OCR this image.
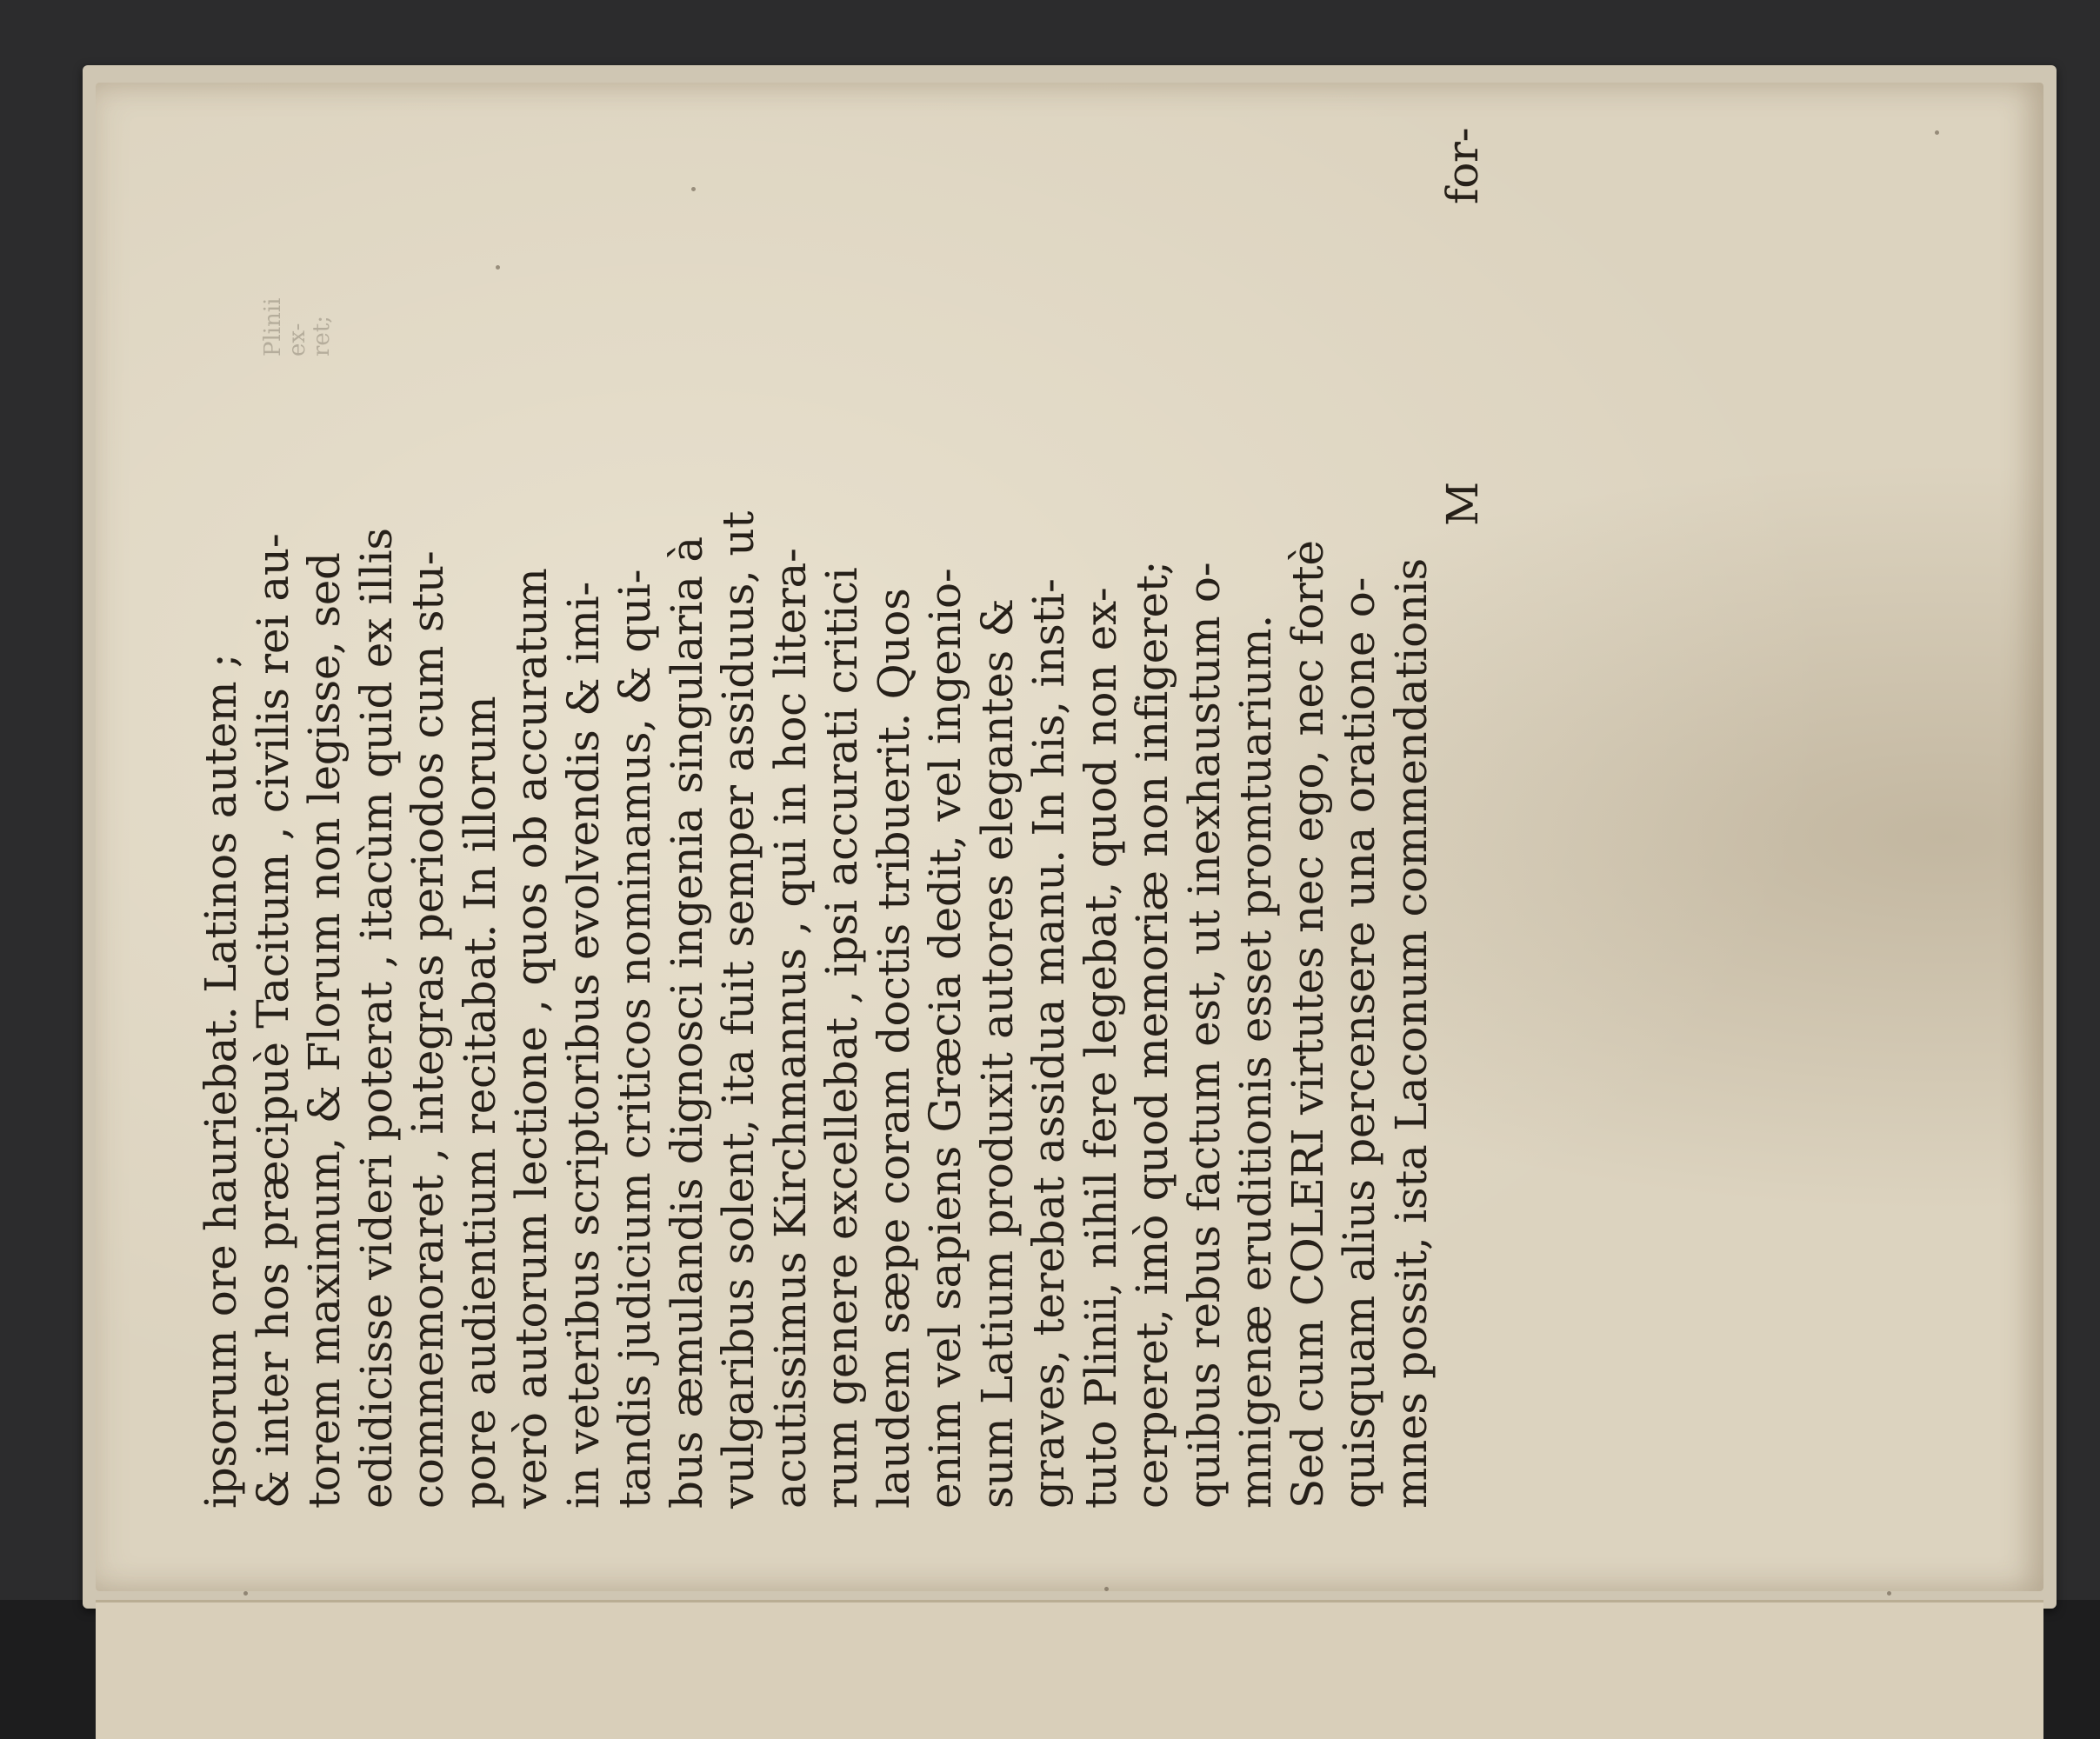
Plinii
ex-
ret;
ipsorum ore hauriebat. Latinos autem ; & inter hos præcipuè Tacitum , civilis rei au- torem maximum, & Florum non legisse, sed edidicisse videri poterat , itacùm quid ex illis commemoraret , integras periodos cum stu- pore audientium recitabat. In illorum verò autorum lectione , quos ob accuratum in veteribus scriptoribus evolvendis & imi- tandis judicium criticos nominamus, & qui- bus æmulandis dignosci ingenia singularia à vulgaribus solent, ita fuit semper assiduus, ut acutissimus Kirchmannus , qui in hoc litera- rum genere excellebat , ipsi accurati critici laudem sæpe coram doctis tribuerit. Quos enim vel sapiens Græcia dedit, vel ingenio- sum Latium produxit autores elegantes & graves, terebat assidua manu. In his, insti- tuto Plinii, nihil fere legebat, quod non ex- cerperet, imò quod memoriæ non infigeret; quibus rebus factum est, ut inexhaustum o- mnigenæ eruditionis esset promtuarium. Sed cum COLERI virtutes nec ego, nec fortè quisquam alius percensere una oratione o- mnes possit, ista Laconum commendationis
M
for-
